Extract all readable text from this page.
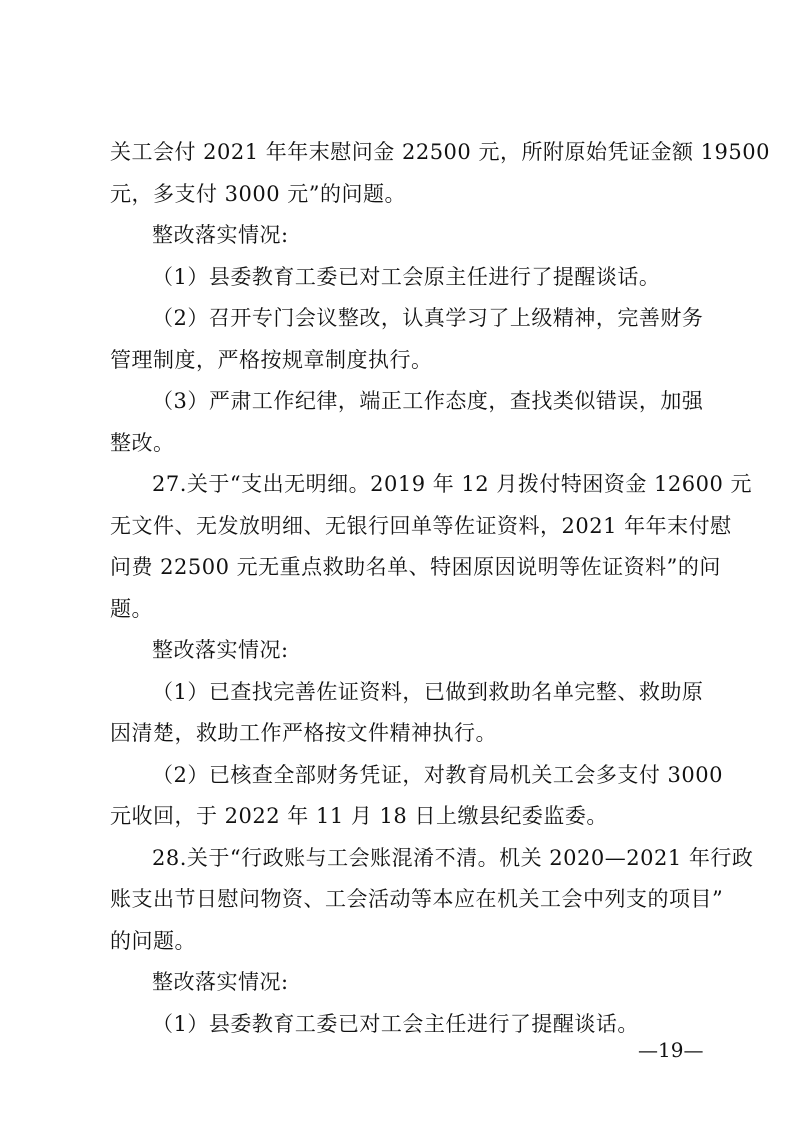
关工会付 2021 年年末慰问金 22500 元，所附原始凭证金额 19500
元，多支付 3000 元”的问题。
整改落实情况:
（1）县委教育工委已对工会原主任进行了提醒谈话。
（2）召开专门会议整改，认真学习了上级精神，完善财务
管理制度，严格按规章制度执行。
（3）严肃工作纪律，端正工作态度，查找类似错误，加强
整改。
27.关于“支出无明细。2019 年 12 月拨付特困资金 12600 元
无文件、无发放明细、无银行回单等佐证资料，2021 年年末付慰
问费 22500 元无重点救助名单、特困原因说明等佐证资料”的问
题。
整改落实情况:
（1）已查找完善佐证资料，已做到救助名单完整、救助原
因清楚，救助工作严格按文件精神执行。
（2）已核查全部财务凭证，对教育局机关工会多支付 3000
元收回，于 2022 年 11 月 18 日上缴县纪委监委。
28.关于“行政账与工会账混淆不清。机关 2020—2021 年行政
账支出节日慰问物资、工会活动等本应在机关工会中列支的项目”
的问题。
整改落实情况:
（1）县委教育工委已对工会主任进行了提醒谈话。
—19—
